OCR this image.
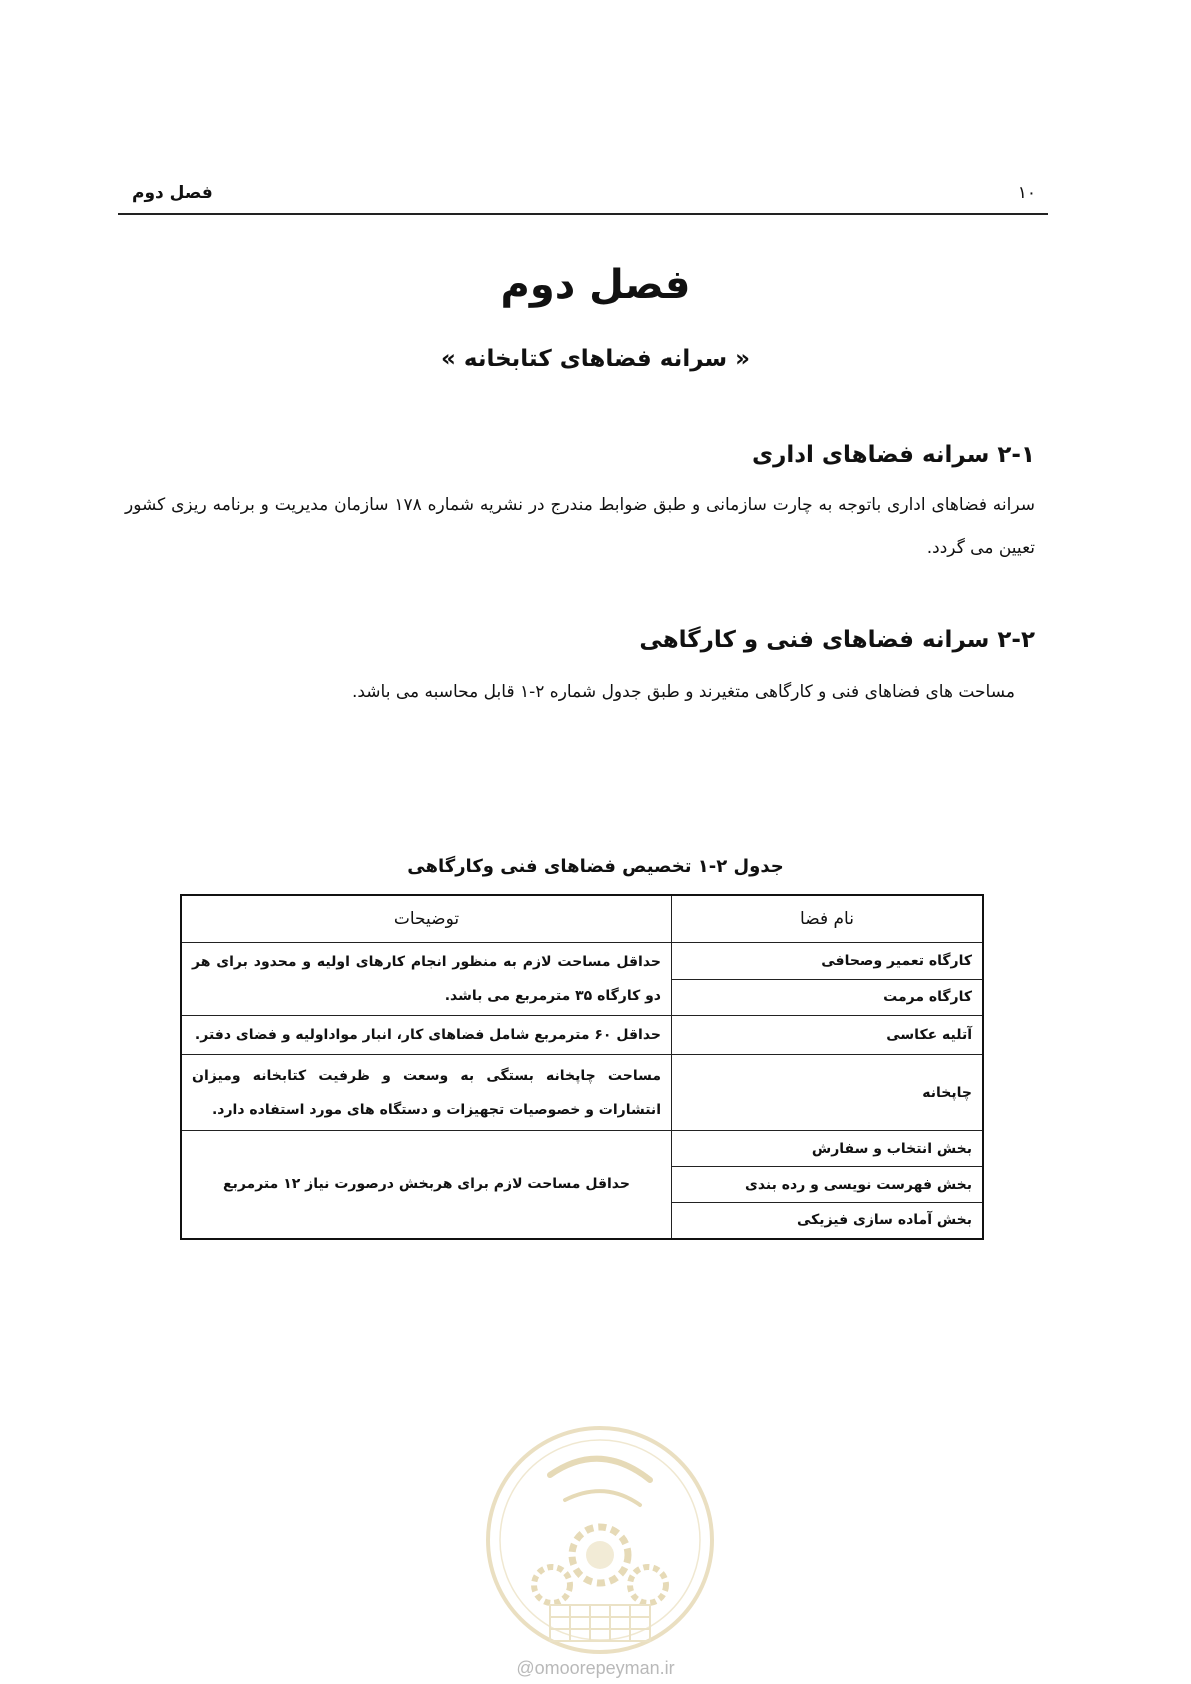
۱۰
فصل دوم
فصل دوم
« سرانه فضاهای کتابخانه »
۲-۱ سرانه فضاهای اداری
سرانه فضاهای اداری باتوجه به چارت سازمانی و طبق ضوابط مندرج در نشریه شماره ۱۷۸ سازمان مدیریت و برنامه ریزی کشور تعیین می گردد.
۲-۲ سرانه فضاهای فنی و کارگاهی
مساحت های فضاهای فنی و کارگاهی متغیرند و طبق جدول شماره ۲-۱ قابل محاسبه می باشد.
جدول ۲-۱ تخصیص فضاهای فنی وکارگاهی
نام فضا	توضیحات
کارگاه تعمیر وصحافی	حداقل مساحت لازم به منظور انجام کارهای اولیه و محدود برای هر دو کارگاه ۳۵ مترمربع می باشد.
کارگاه مرمت	
آتلیه عکاسی	حداقل ۶۰ مترمربع شامل فضاهای کار، انبار مواداولیه و فضای دفتر.
چاپخانه	مساحت چاپخانه بستگی به وسعت و ظرفیت کتابخانه ومیزان انتشارات و خصوصیات تجهیزات و دستگاه های مورد استفاده دارد.
بخش انتخاب و سفارش	حداقل مساحت لازم برای هربخش درصورت نیاز ۱۲ مترمربع
بخش فهرست نویسی و رده بندی	
بخش آماده سازی فیزیکی	
@omoorepeyman.ir
